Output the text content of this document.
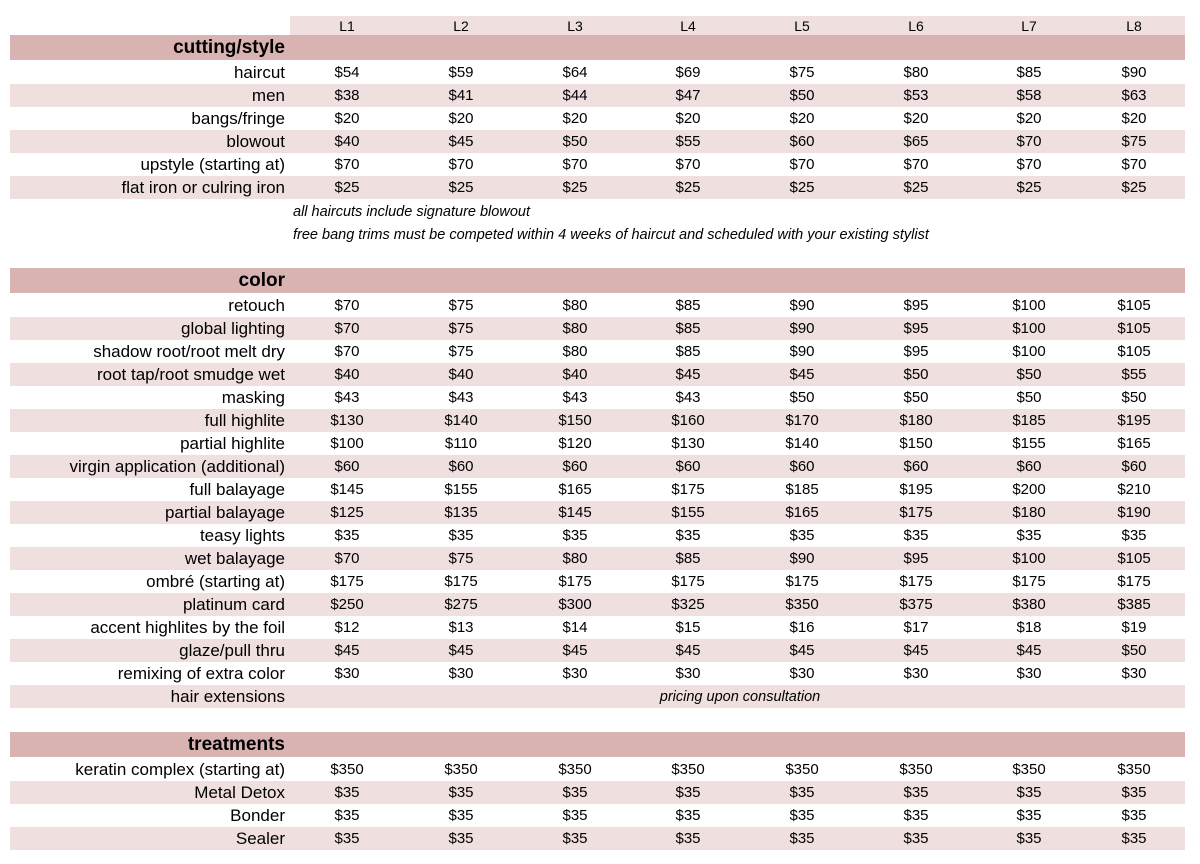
L1	L2	L3	L4	L5	L6	L7	L8
cutting/style
haircut	$54	$59	$64	$69	$75	$80	$85	$90
men	$38	$41	$44	$47	$50	$53	$58	$63
bangs/fringe	$20	$20	$20	$20	$20	$20	$20	$20
blowout	$40	$45	$50	$55	$60	$65	$70	$75
upstyle (starting at)	$70	$70	$70	$70	$70	$70	$70	$70
flat iron or culring iron	$25	$25	$25	$25	$25	$25	$25	$25
all haircuts include signature blowout
free bang trims must be competed within 4 weeks of haircut and scheduled with your existing stylist
color
retouch	$70	$75	$80	$85	$90	$95	$100	$105
global lighting	$70	$75	$80	$85	$90	$95	$100	$105
shadow root/root melt dry	$70	$75	$80	$85	$90	$95	$100	$105
root tap/root smudge wet	$40	$40	$40	$45	$45	$50	$50	$55
masking	$43	$43	$43	$43	$50	$50	$50	$50
full highlite	$130	$140	$150	$160	$170	$180	$185	$195
partial highlite	$100	$110	$120	$130	$140	$150	$155	$165
virgin application (additional)	$60	$60	$60	$60	$60	$60	$60	$60
full balayage	$145	$155	$165	$175	$185	$195	$200	$210
partial balayage	$125	$135	$145	$155	$165	$175	$180	$190
teasy lights	$35	$35	$35	$35	$35	$35	$35	$35
wet balayage	$70	$75	$80	$85	$90	$95	$100	$105
ombré (starting at)	$175	$175	$175	$175	$175	$175	$175	$175
platinum card	$250	$275	$300	$325	$350	$375	$380	$385
accent highlites by the foil	$12	$13	$14	$15	$16	$17	$18	$19
glaze/pull thru	$45	$45	$45	$45	$45	$45	$45	$50
remixing of extra color	$30	$30	$30	$30	$30	$30	$30	$30
hair extensions	pricing upon consultation
treatments
keratin complex (starting at)	$350	$350	$350	$350	$350	$350	$350	$350
Metal Detox	$35	$35	$35	$35	$35	$35	$35	$35
Bonder	$35	$35	$35	$35	$35	$35	$35	$35
Sealer	$35	$35	$35	$35	$35	$35	$35	$35
